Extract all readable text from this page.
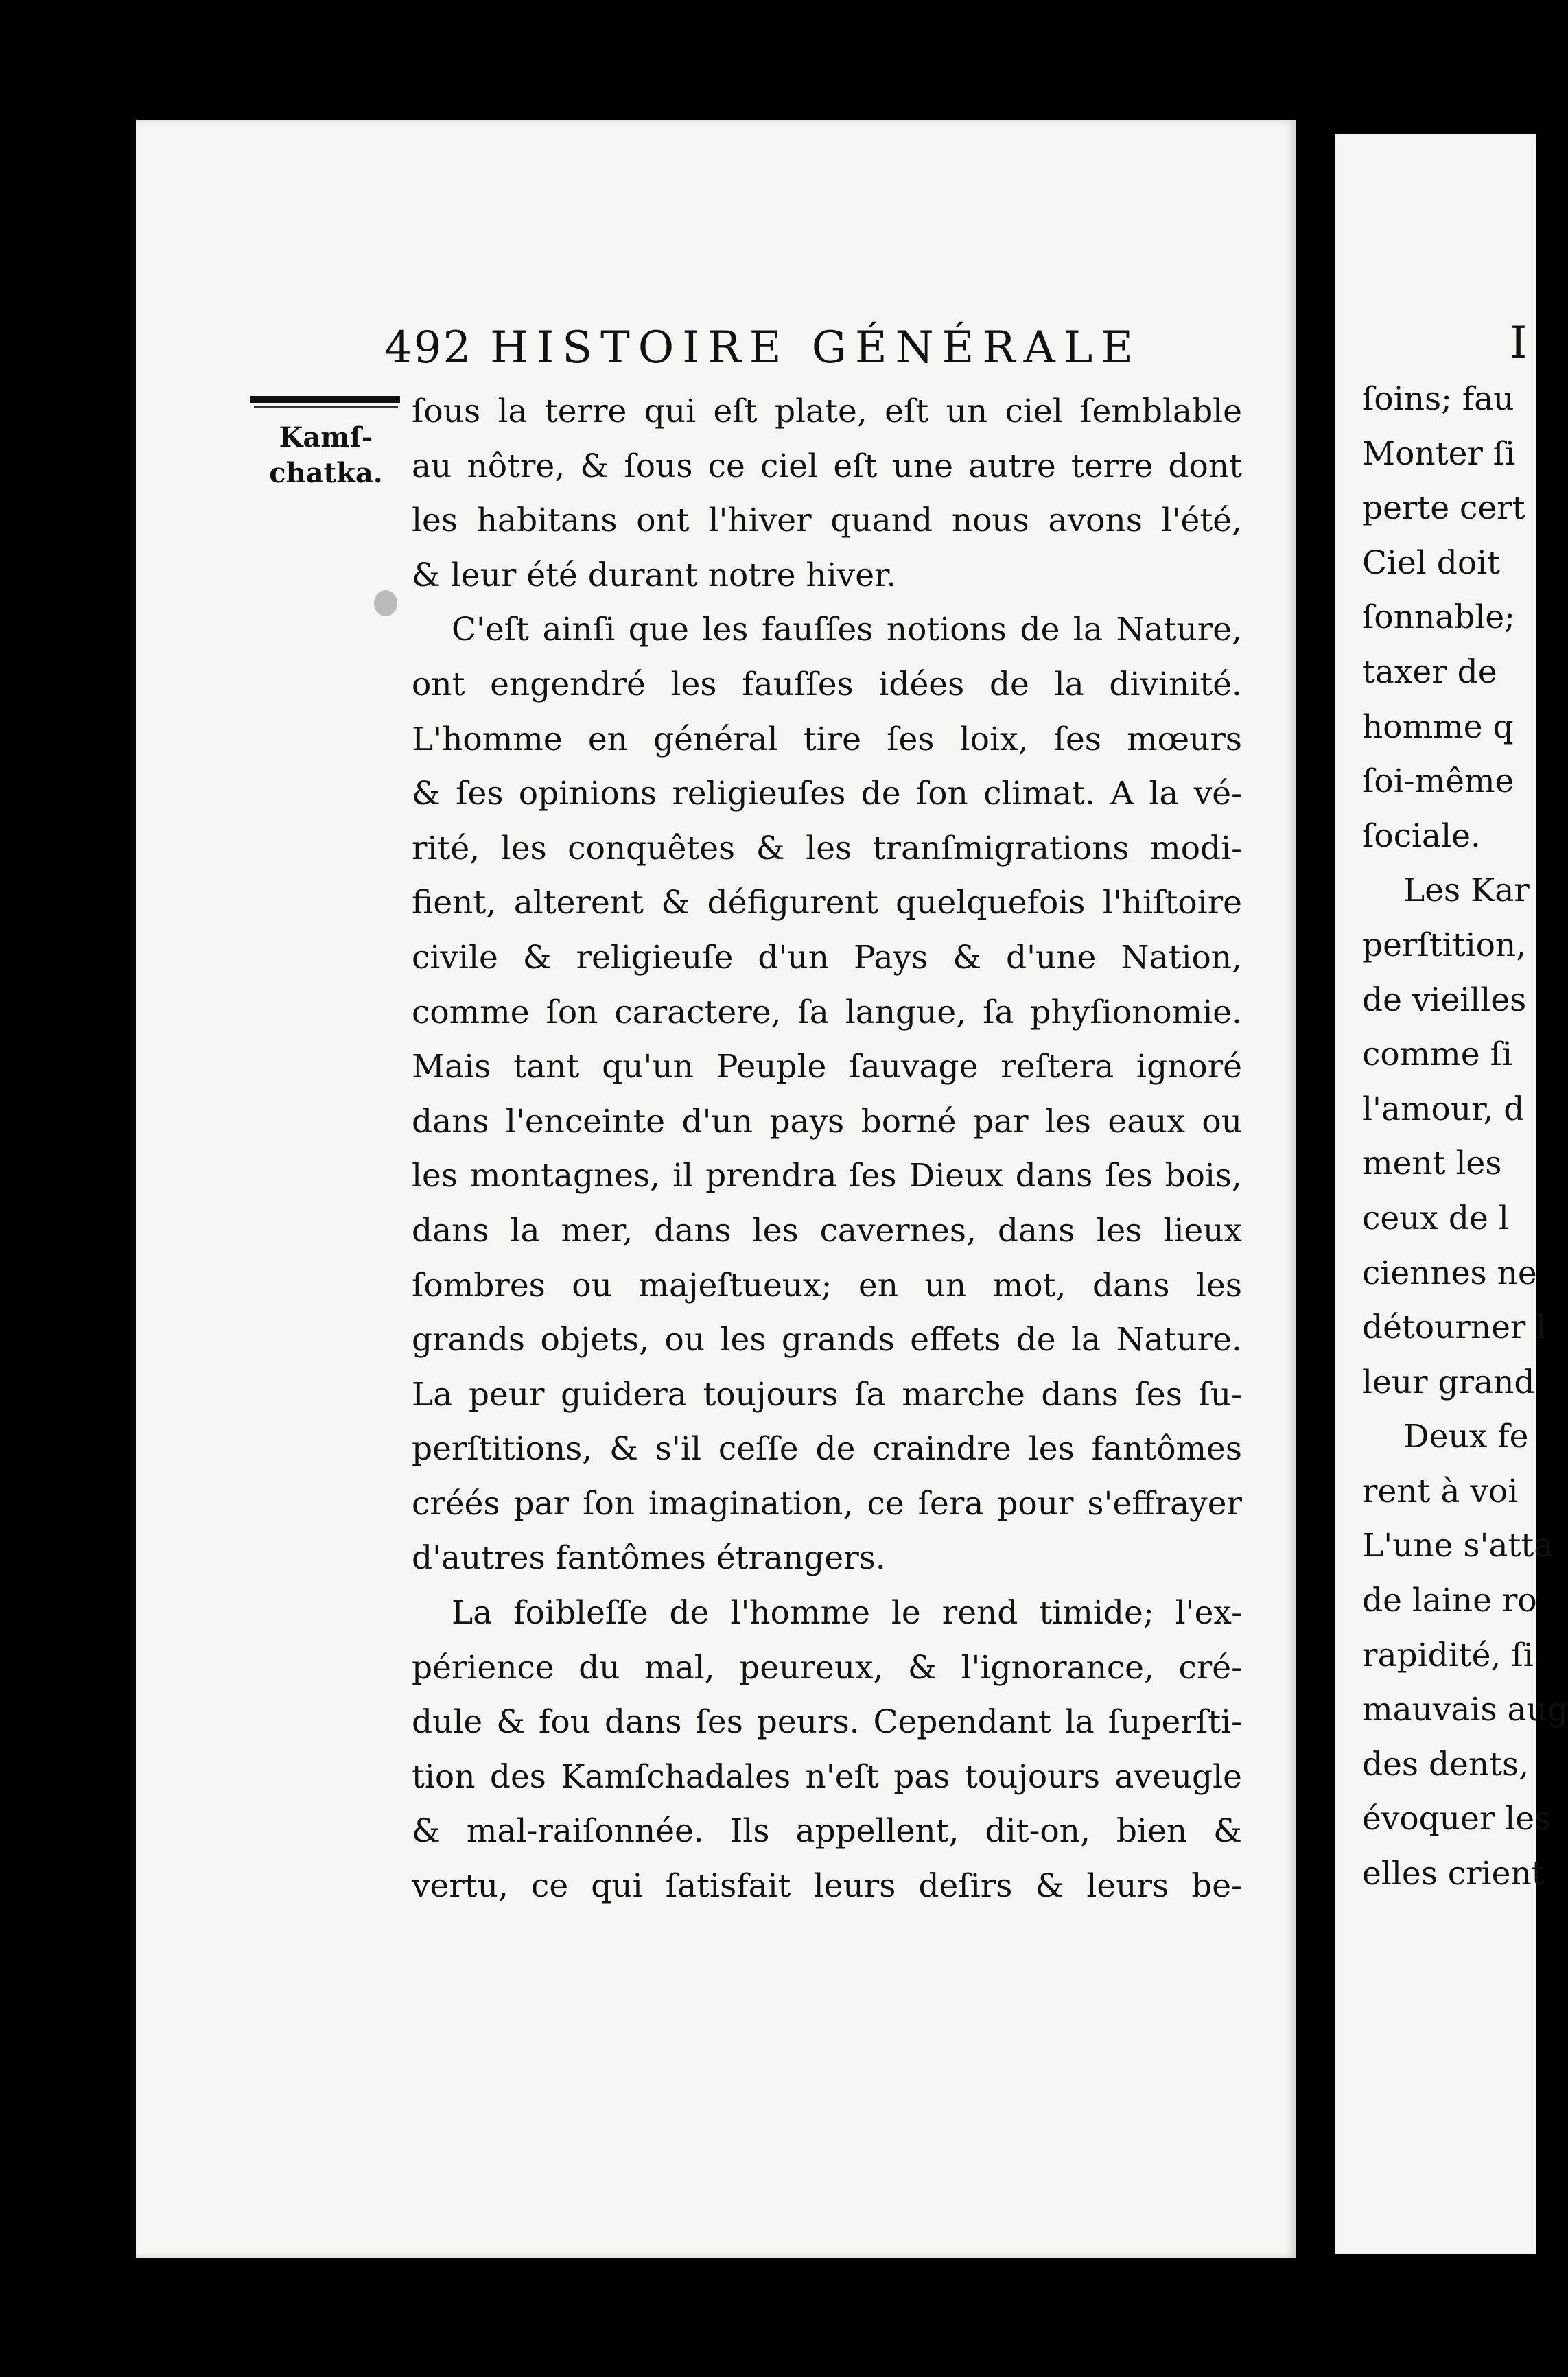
492 HISTOIRE GÉNÉRALE
Kamſ-
chatka.
ſous la terre qui eſt plate, eſt un ciel ſemblable
au nôtre, & ſous ce ciel eſt une autre terre dont
les habitans ont l'hiver quand nous avons l'été,
& leur été durant notre hiver.
C'eſt ainſi que les fauſſes notions de la Nature,
ont engendré les fauſſes idées de la divinité.
L'homme en général tire ſes loix, ſes mœurs
& ſes opinions religieuſes de ſon climat. A la vé-
rité, les conquêtes & les tranſmigrations modi-
fient, alterent & défigurent quelquefois l'hiſtoire
civile & religieuſe d'un Pays & d'une Nation,
comme ſon caractere, ſa langue, ſa phyſionomie.
Mais tant qu'un Peuple ſauvage reſtera ignoré
dans l'enceinte d'un pays borné par les eaux ou
les montagnes, il prendra ſes Dieux dans ſes bois,
dans la mer, dans les cavernes, dans les lieux
ſombres ou majeſtueux; en un mot, dans les
grands objets, ou les grands effets de la Nature.
La peur guidera toujours ſa marche dans ſes ſu-
perſtitions, & s'il ceſſe de craindre les fantômes
créés par ſon imagination, ce ſera pour s'effrayer
d'autres fantômes étrangers.
La foibleſſe de l'homme le rend timide; l'ex-
périence du mal, peureux, & l'ignorance, cré-
dule & fou dans ſes peurs. Cependant la ſuperſti-
tion des Kamſchadales n'eſt pas toujours aveugle
& mal-raiſonnée. Ils appellent, dit-on, bien &
vertu, ce qui ſatisfait leurs deſirs & leurs be-
I
ſoins; fau
Monter ſi
perte cert
Ciel doit
ſonnable;
taxer de
homme q
ſoi-même
ſociale.
Les Kar
perſtition,
de vieilles
comme ſi
l'amour, d
ment les
ceux de l
ciennes ne
détourner l
leur grand
Deux fe
rent à voi
L'une s'atta
de laine ro
rapidité, ſi
mauvais aug
des dents,
évoquer les
elles crient
